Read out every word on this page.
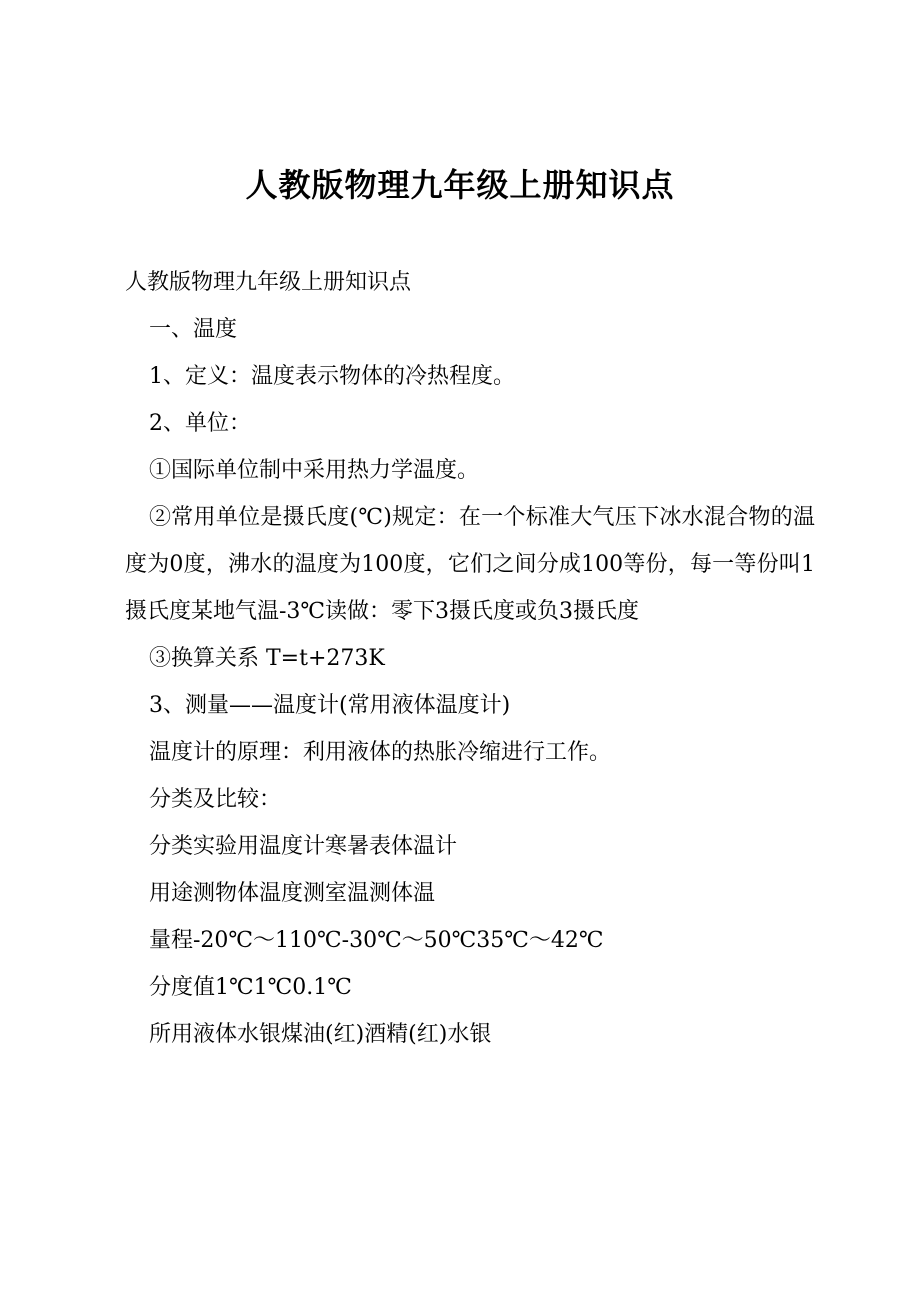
人教版物理九年级上册知识点

人教版物理九年级上册知识点

一、温度

1、定义：温度表示物体的冷热程度。

2、单位：

①国际单位制中采用热力学温度。

②常用单位是摄氏度(℃)规定：在一个标准大气压下冰水混合物的温度为0度，沸水的温度为100度，它们之间分成100等份，每一等份叫1摄氏度某地气温-3℃读做：零下3摄氏度或负3摄氏度

③换算关系 T=t+273K

3、测量——温度计(常用液体温度计)

温度计的原理：利用液体的热胀冷缩进行工作。

分类及比较：

分类实验用温度计寒暑表体温计

用途测物体温度测室温测体温

量程-20℃～110℃-30℃～50℃35℃～42℃

分度值1℃1℃0.1℃

所用液体水银煤油(红)酒精(红)水银
